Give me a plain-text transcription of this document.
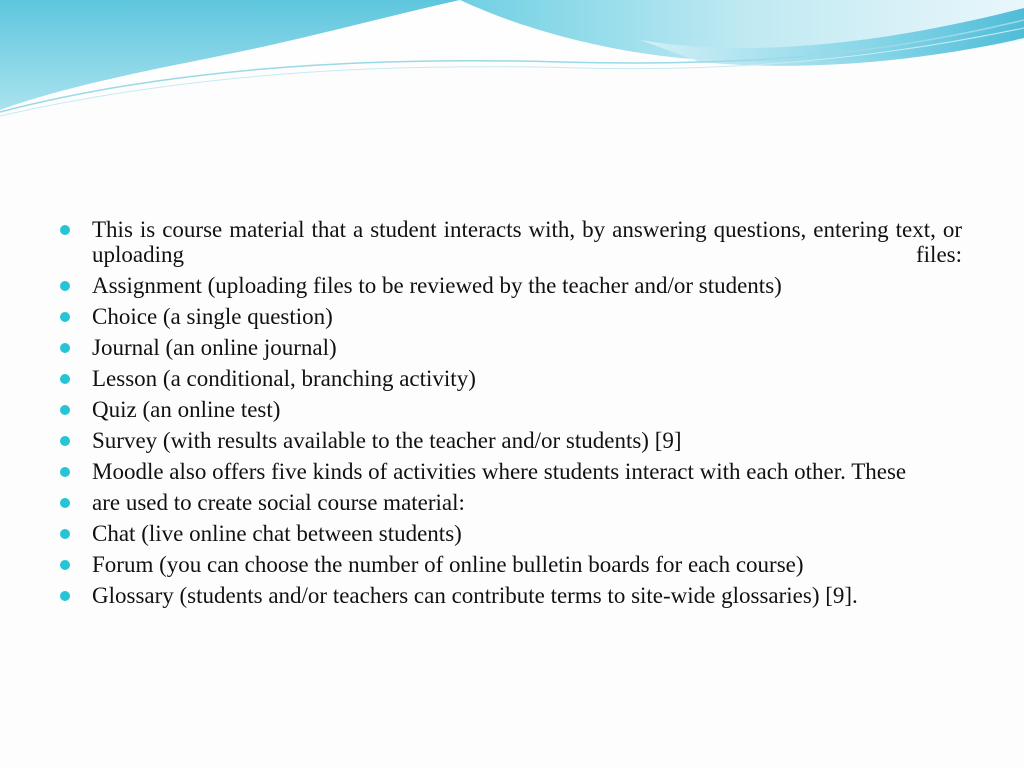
This is course material that a student interacts with, by answering questions, entering text, or uploading files:
Assignment (uploading files to be reviewed by the teacher and/or students)
Choice (a single question)
Journal (an online journal)
Lesson (a conditional, branching activity)
Quiz (an online test)
Survey (with results available to the teacher and/or students) [9]
Moodle also offers five kinds of activities where students interact with each other. These
are used to create social course material:
Chat (live online chat between students)
Forum (you can choose the number of online bulletin boards for each course)
Glossary (students and/or teachers can contribute terms to site-wide glossaries) [9].
